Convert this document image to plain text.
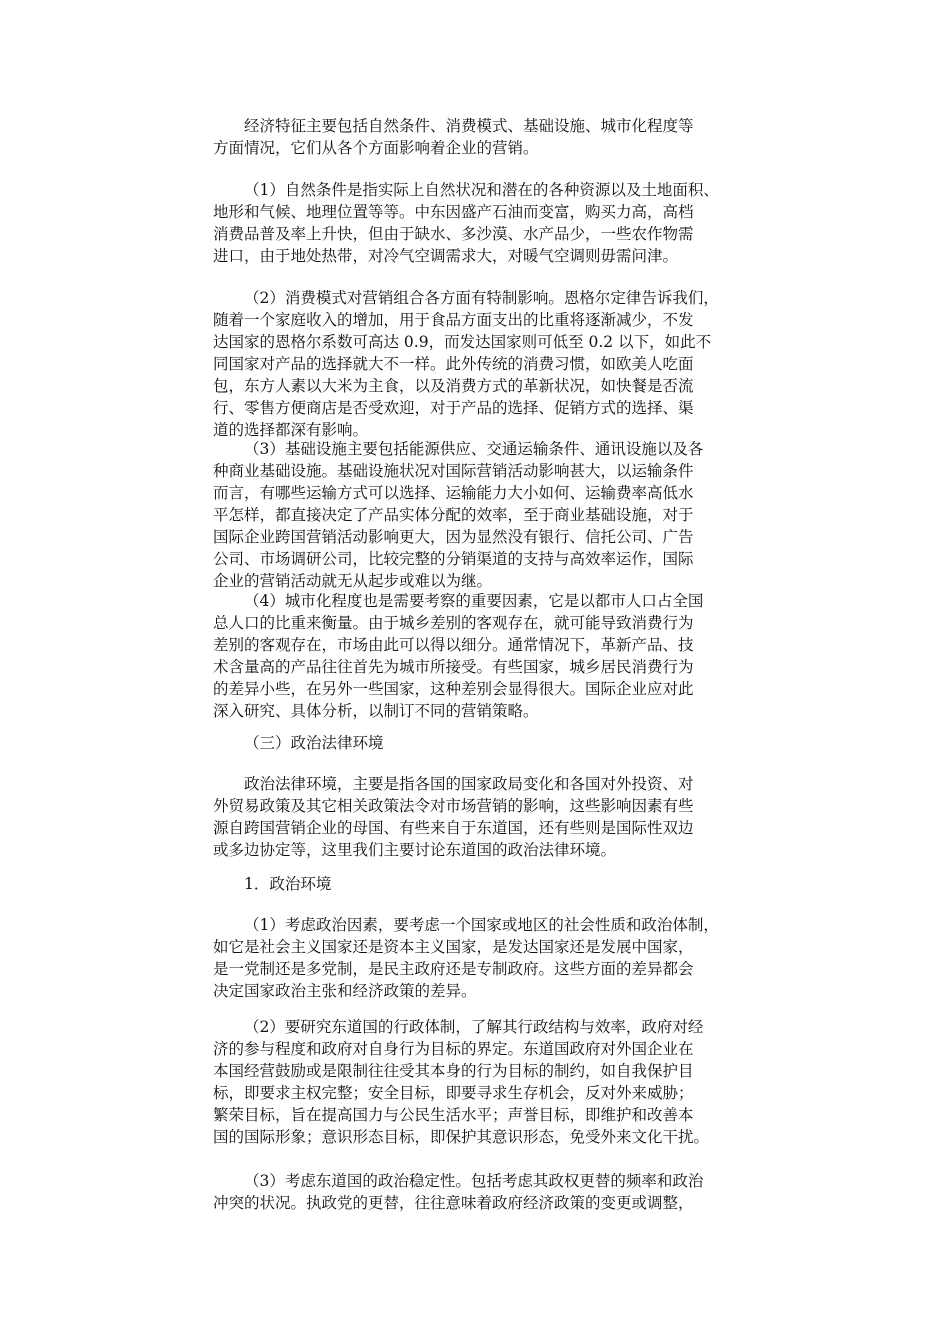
经济特征主要包括自然条件、消费模式、基础设施、城市化程度等
方面情况，它们从各个方面影响着企业的营销。
（1）自然条件是指实际上自然状况和潜在的各种资源以及土地面积、
地形和气候、地理位置等等。中东因盛产石油而变富，购买力高，高档
消费品普及率上升快，但由于缺水、多沙漠、水产品少，一些农作物需
进口，由于地处热带，对冷气空调需求大，对暖气空调则毋需问津。
（2）消费模式对营销组合各方面有特制影响。恩格尔定律告诉我们，
随着一个家庭收入的增加，用于食品方面支出的比重将逐渐减少，不发
达国家的恩格尔系数可高达 0.9，而发达国家则可低至 0.2 以下，如此不
同国家对产品的选择就大不一样。此外传统的消费习惯，如欧美人吃面
包，东方人素以大米为主食，以及消费方式的革新状况，如快餐是否流
行、零售方便商店是否受欢迎，对于产品的选择、促销方式的选择、渠
道的选择都深有影响。
（3）基础设施主要包括能源供应、交通运输条件、通讯设施以及各
种商业基础设施。基础设施状况对国际营销活动影响甚大，以运输条件
而言，有哪些运输方式可以选择、运输能力大小如何、运输费率高低水
平怎样，都直接决定了产品实体分配的效率，至于商业基础设施，对于
国际企业跨国营销活动影响更大，因为显然没有银行、信托公司、广告
公司、市场调研公司，比较完整的分销渠道的支持与高效率运作，国际
企业的营销活动就无从起步或难以为继。
（4）城市化程度也是需要考察的重要因素，它是以都市人口占全国
总人口的比重来衡量。由于城乡差别的客观存在，就可能导致消费行为
差别的客观存在，市场由此可以得以细分。通常情况下，革新产品、技
术含量高的产品往往首先为城市所接受。有些国家，城乡居民消费行为
的差异小些，在另外一些国家，这种差别会显得很大。国际企业应对此
深入研究、具体分析，以制订不同的营销策略。
（三）政治法律环境
政治法律环境，主要是指各国的国家政局变化和各国对外投资、对
外贸易政策及其它相关政策法令对市场营销的影响，这些影响因素有些
源自跨国营销企业的母国、有些来自于东道国，还有些则是国际性双边
或多边协定等，这里我们主要讨论东道国的政治法律环境。
1．政治环境
（1）考虑政治因素，要考虑一个国家或地区的社会性质和政治体制，
如它是社会主义国家还是资本主义国家，是发达国家还是发展中国家，
是一党制还是多党制，是民主政府还是专制政府。这些方面的差异都会
决定国家政治主张和经济政策的差异。
（2）要研究东道国的行政体制，了解其行政结构与效率，政府对经
济的参与程度和政府对自身行为目标的界定。东道国政府对外国企业在
本国经营鼓励或是限制往往受其本身的行为目标的制约，如自我保护目
标，即要求主权完整；安全目标，即要寻求生存机会，反对外来威胁；
繁荣目标，旨在提高国力与公民生活水平；声誉目标，即维护和改善本
国的国际形象；意识形态目标，即保护其意识形态，免受外来文化干扰。
（3）考虑东道国的政治稳定性。包括考虑其政权更替的频率和政治
冲突的状况。执政党的更替，往往意味着政府经济政策的变更或调整，
